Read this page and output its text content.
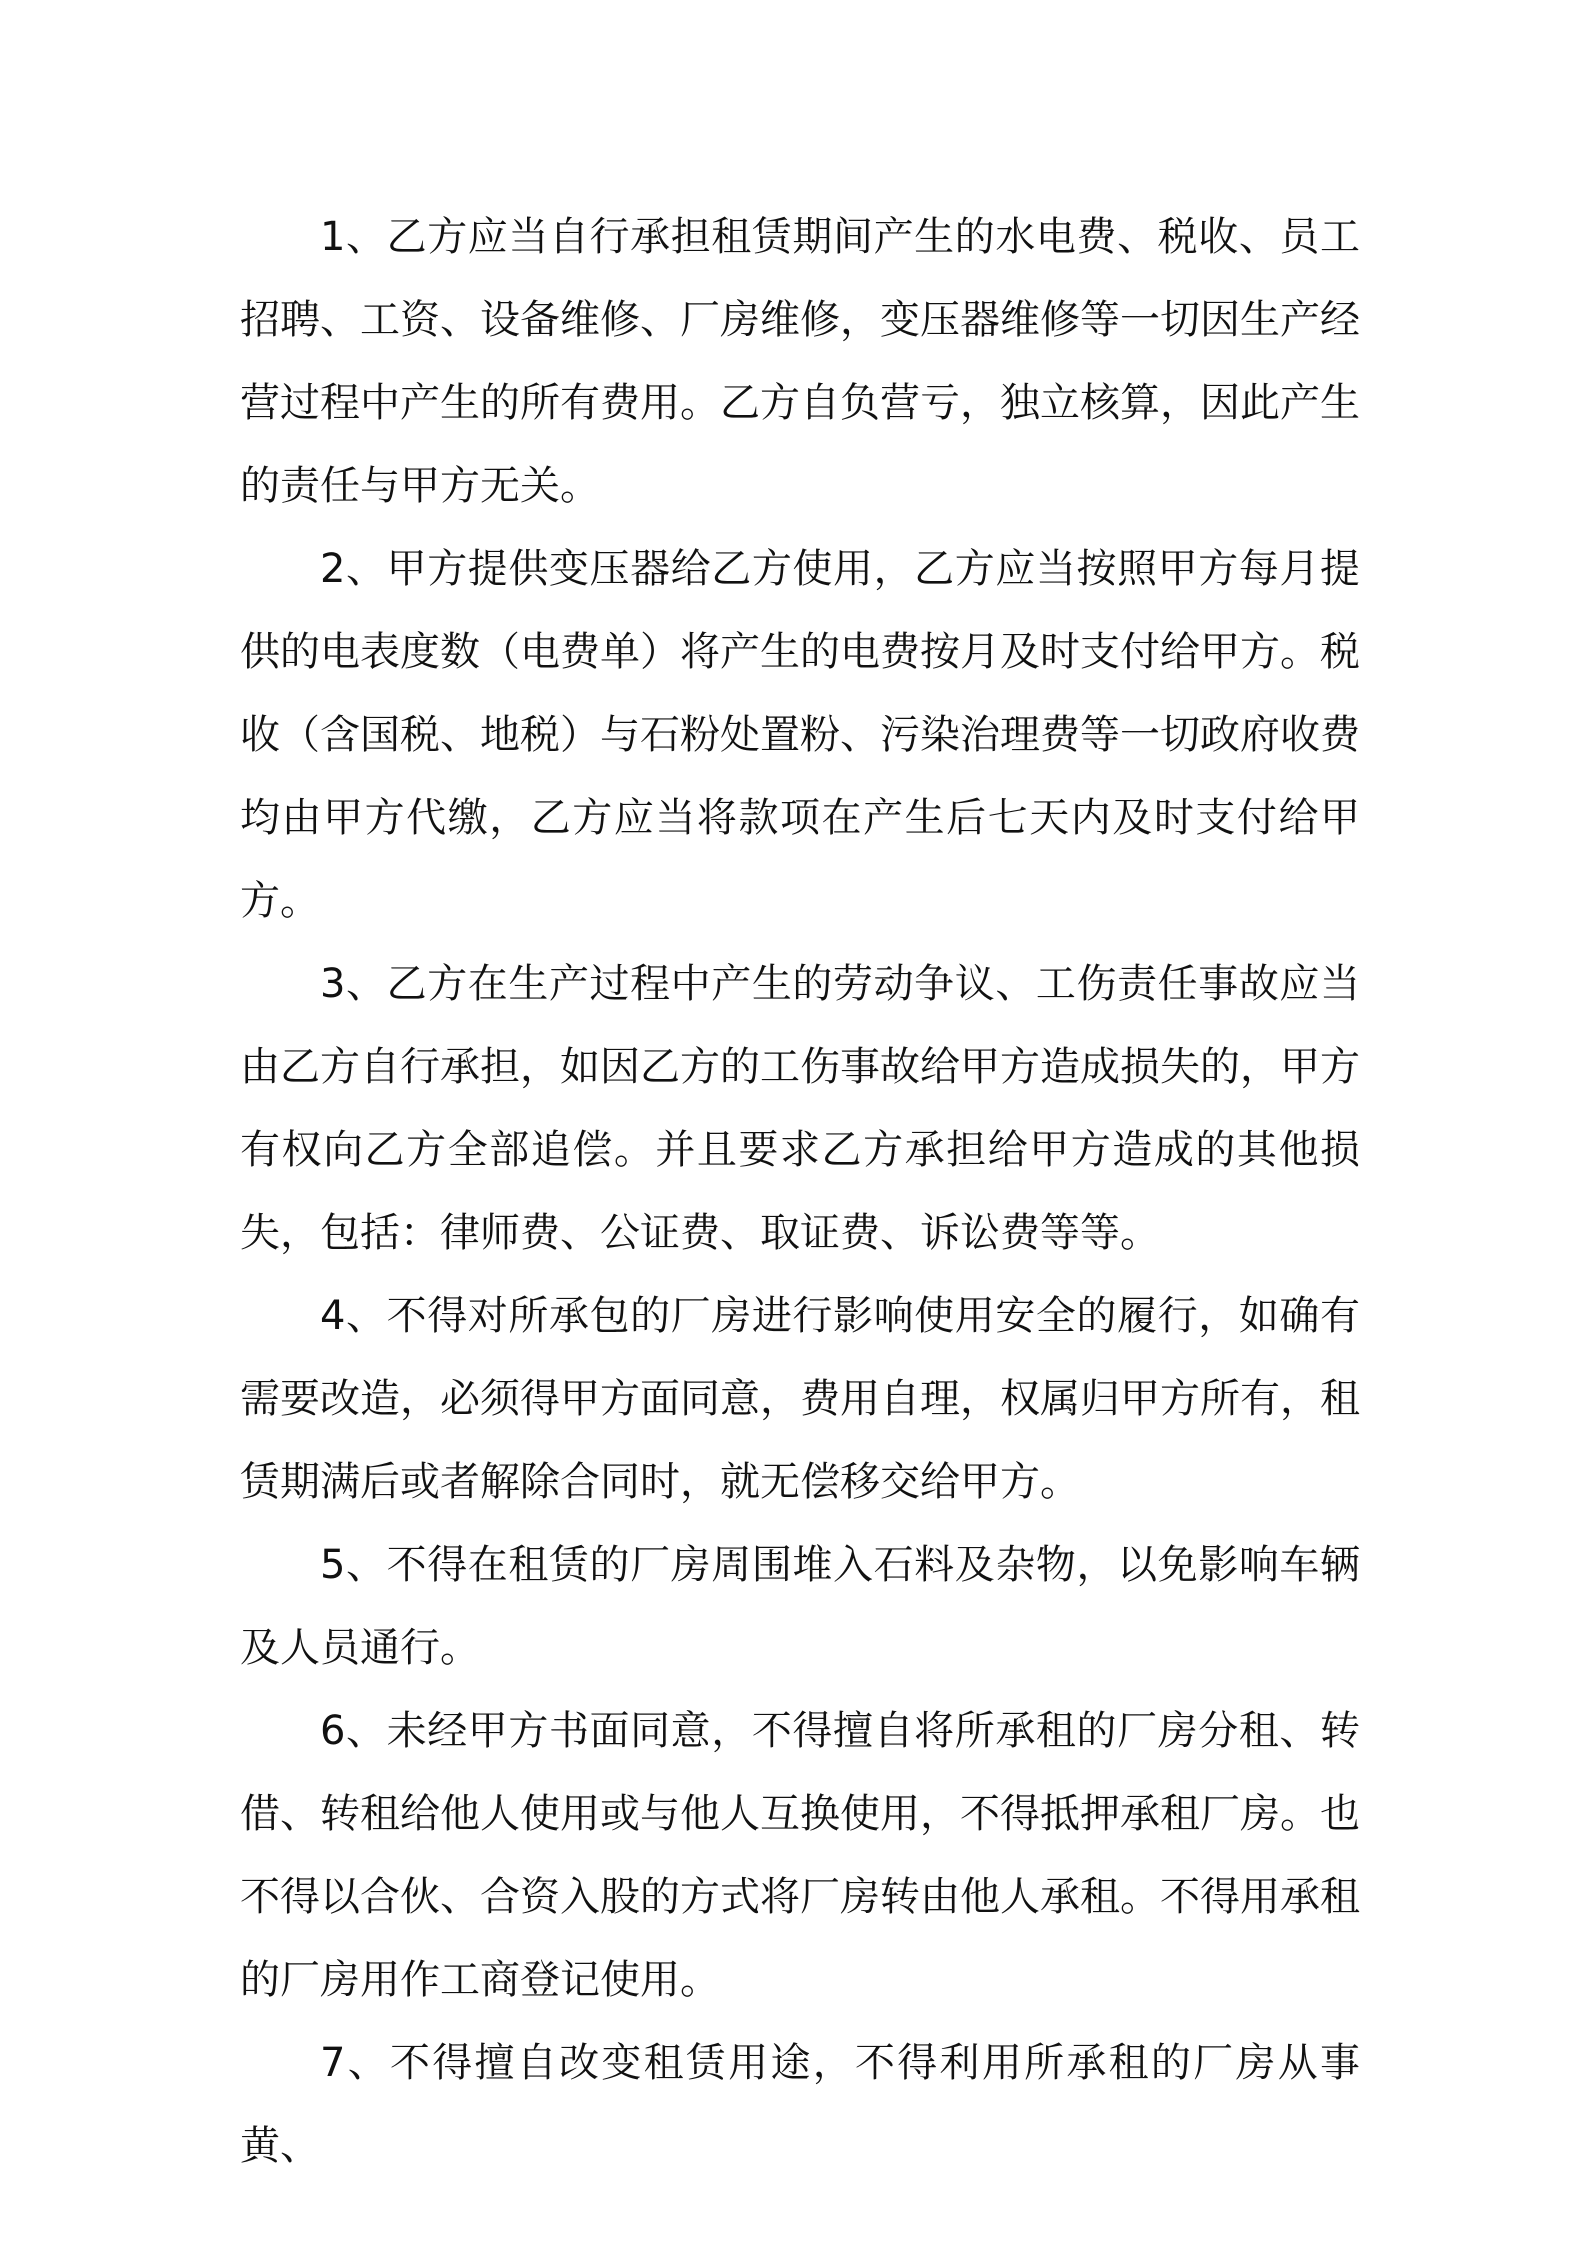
1、乙方应当自行承担租赁期间产生的水电费、税收、员工招聘、工资、设备维修、厂房维修，变压器维修等一切因生产经营过程中产生的所有费用。乙方自负营亏，独立核算，因此产生的责任与甲方无关。

2、甲方提供变压器给乙方使用，乙方应当按照甲方每月提供的电表度数（电费单）将产生的电费按月及时支付给甲方。税收（含国税、地税）与石粉处置粉、污染治理费等一切政府收费均由甲方代缴，乙方应当将款项在产生后七天内及时支付给甲方。

3、乙方在生产过程中产生的劳动争议、工伤责任事故应当由乙方自行承担，如因乙方的工伤事故给甲方造成损失的，甲方有权向乙方全部追偿。并且要求乙方承担给甲方造成的其他损失，包括：律师费、公证费、取证费、诉讼费等等。

4、不得对所承包的厂房进行影响使用安全的履行，如确有需要改造，必须得甲方面同意，费用自理，权属归甲方所有，租赁期满后或者解除合同时，就无偿移交给甲方。

5、不得在租赁的厂房周围堆入石料及杂物，以免影响车辆及人员通行。

6、未经甲方书面同意，不得擅自将所承租的厂房分租、转借、转租给他人使用或与他人互换使用，不得抵押承租厂房。也不得以合伙、合资入股的方式将厂房转由他人承租。不得用承租的厂房用作工商登记使用。

7、不得擅自改变租赁用途，不得利用所承租的厂房从事黄、
